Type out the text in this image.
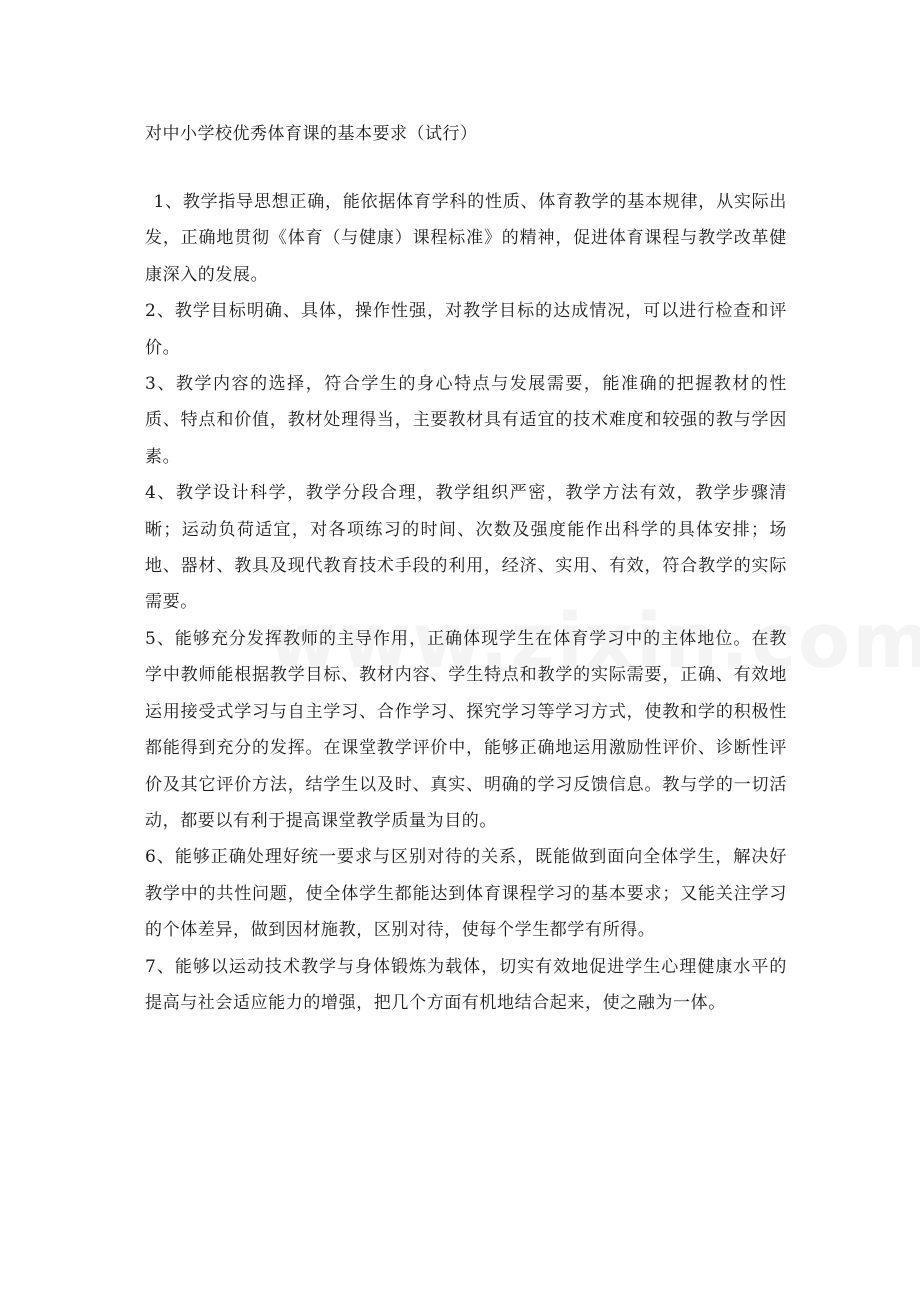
对中小学校优秀体育课的基本要求（试行）

1、教学指导思想正确，能依据体育学科的性质、体育教学的基本规律，从实际出发，正确地贯彻《体育（与健康）课程标准》的精神，促进体育课程与教学改革健康深入的发展。

2、教学目标明确、具体，操作性强，对教学目标的达成情况，可以进行检查和评价。

3、教学内容的选择，符合学生的身心特点与发展需要，能准确的把握教材的性质、特点和价值，教材处理得当，主要教材具有适宜的技术难度和较强的教与学因素。

4、教学设计科学，教学分段合理，教学组织严密，教学方法有效，教学步骤清晰；运动负荷适宜，对各项练习的时间、次数及强度能作出科学的具体安排；场地、器材、教具及现代教育技术手段的利用，经济、实用、有效，符合教学的实际需要。

5、能够充分发挥教师的主导作用，正确体现学生在体育学习中的主体地位。在教学中教师能根据教学目标、教材内容、学生特点和教学的实际需要，正确、有效地运用接受式学习与自主学习、合作学习、探究学习等学习方式，使教和学的积极性都能得到充分的发挥。在课堂教学评价中，能够正确地运用激励性评价、诊断性评价及其它评价方法，结学生以及时、真实、明确的学习反馈信息。教与学的一切活动，都要以有利于提高课堂教学质量为目的。

6、能够正确处理好统一要求与区别对待的关系，既能做到面向全体学生，解决好教学中的共性问题，使全体学生都能达到体育课程学习的基本要求；又能关注学习的个体差异，做到因材施教，区别对待，使每个学生都学有所得。

7、能够以运动技术教学与身体锻炼为载体，切实有效地促进学生心理健康水平的提高与社会适应能力的增强，把几个方面有机地结合起来，使之融为一体。
